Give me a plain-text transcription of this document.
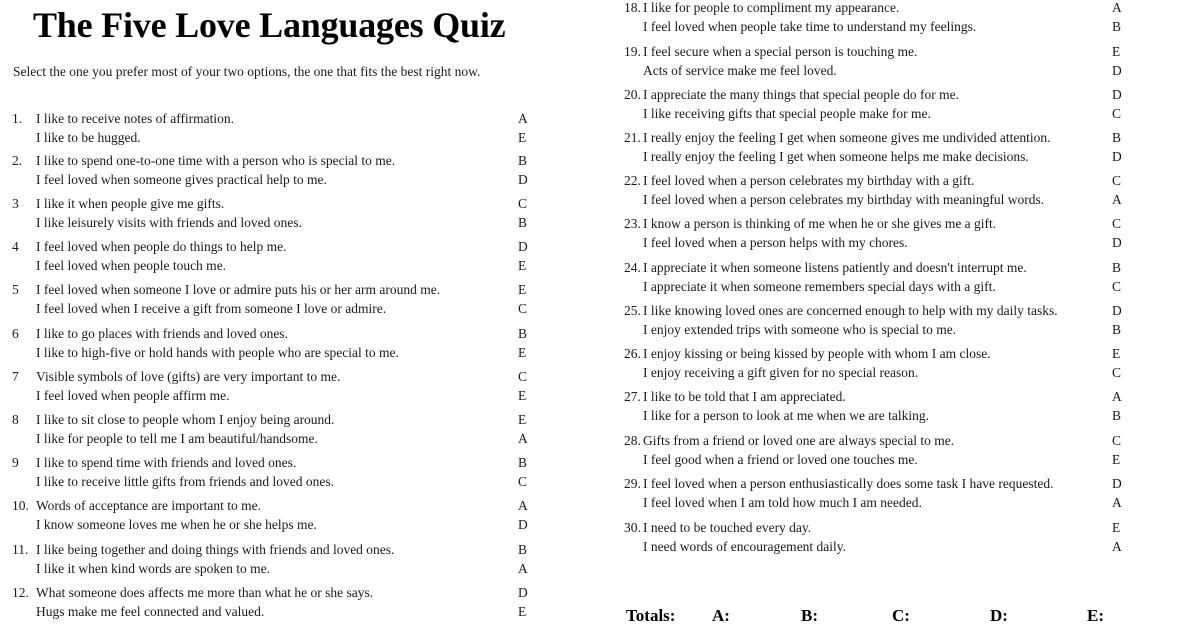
The Five Love Languages Quiz
Select the one you prefer most of your two options, the one that fits the best right now.
1. I like to receive notes of affirmation.	A
I like to be hugged.	E
2. I like to spend one-to-one time with a person who is special to me.	B
I feel loved when someone gives practical help to me.	D
3 I like it when people give me gifts.	C
I like leisurely visits with friends and loved ones.	B
4 I feel loved when people do things to help me.	D
I feel loved when people touch me.	E
5 I feel loved when someone I love or admire puts his or her arm around me.	E
I feel loved when I receive a gift from someone I love or admire.	C
6 I like to go places with friends and loved ones.	B
I like to high-five or hold hands with people who are special to me.	E
7 Visible symbols of love (gifts) are very important to me.	C
I feel loved when people affirm me.	E
8 I like to sit close to people whom I enjoy being around.	E
I like for people to tell me I am beautiful/handsome.	A
9 I like to spend time with friends and loved ones.	B
I like to receive little gifts from friends and loved ones.	C
10. Words of acceptance are important to me.	A
I know someone loves me when he or she helps me.	D
11. I like being together and doing things with friends and loved ones.	B
I like it when kind words are spoken to me.	A
12. What someone does affects me more than what he or she says.	D
Hugs make me feel connected and valued.	E
18. I like for people to compliment my appearance.	A
I feel loved when people take time to understand my feelings.	B
19. I feel secure when a special person is touching me.	E
Acts of service make me feel loved.	D
20. I appreciate the many things that special people do for me.	D
I like receiving gifts that special people make for me.	C
21. I really enjoy the feeling I get when someone gives me undivided attention.	B
I really enjoy the feeling I get when someone helps me make decisions.	D
22. I feel loved when a person celebrates my birthday with a gift.	C
I feel loved when a person celebrates my birthday with meaningful words.	A
23. I know a person is thinking of me when he or she gives me a gift.	C
I feel loved when a person helps with my chores.	D
24. I appreciate it when someone listens patiently and doesn't interrupt me.	B
I appreciate it when someone remembers special days with a gift.	C
25. I like knowing loved ones are concerned enough to help with my daily tasks.	D
I enjoy extended trips with someone who is special to me.	B
26. I enjoy kissing or being kissed by people with whom I am close.	E
I enjoy receiving a gift given for no special reason.	C
27. I like to be told that I am appreciated.	A
I like for a person to look at me when we are talking.	B
28. Gifts from a friend or loved one are always special to me.	C
I feel good when a friend or loved one touches me.	E
29. I feel loved when a person enthusiastically does some task I have requested.	D
I feel loved when I am told how much I am needed.	A
30. I need to be touched every day.	E
I need words of encouragement daily.	A
Totals: A:	B:	C:	D:	E:
